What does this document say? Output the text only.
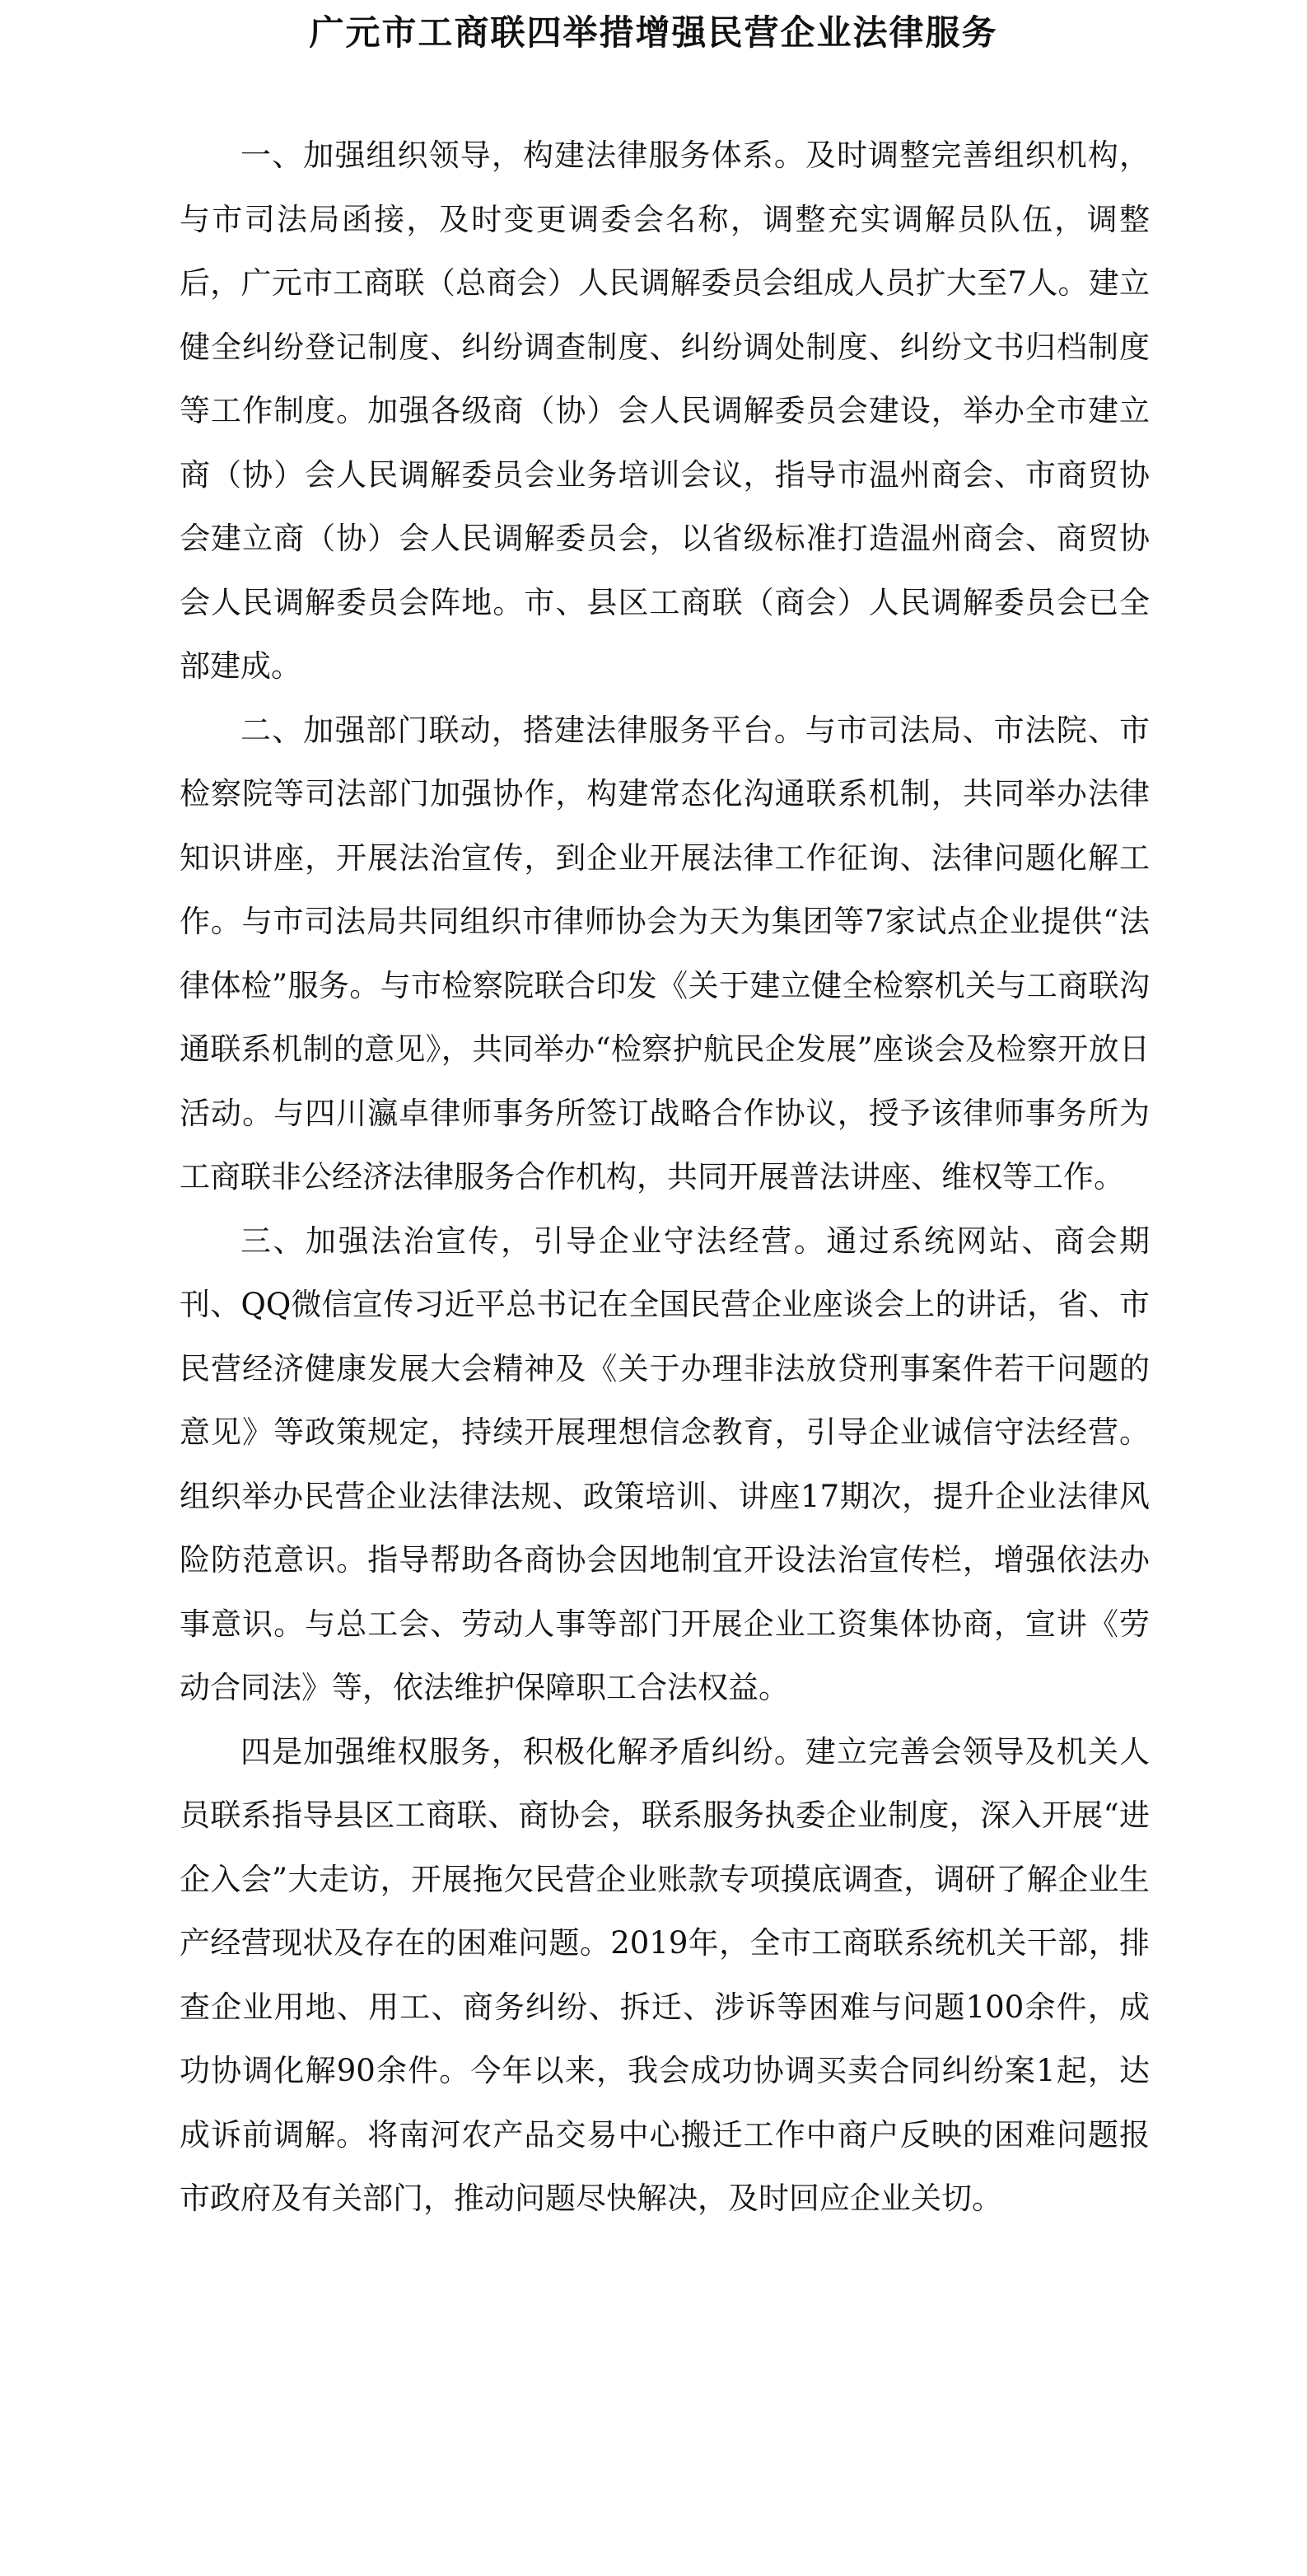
广元市工商联四举措增强民营企业法律服务

一、加强组织领导，构建法律服务体系。及时调整完善组织机构，与市司法局函接，及时变更调委会名称，调整充实调解员队伍，调整后，广元市工商联（总商会）人民调解委员会组成人员扩大至7人。建立健全纠纷登记制度、纠纷调查制度、纠纷调处制度、纠纷文书归档制度等工作制度。加强各级商（协）会人民调解委员会建设，举办全市建立商（协）会人民调解委员会业务培训会议，指导市温州商会、市商贸协会建立商（协）会人民调解委员会，以省级标准打造温州商会、商贸协会人民调解委员会阵地。市、县区工商联（商会）人民调解委员会已全部建成。

二、加强部门联动，搭建法律服务平台。与市司法局、市法院、市检察院等司法部门加强协作，构建常态化沟通联系机制，共同举办法律知识讲座，开展法治宣传，到企业开展法律工作征询、法律问题化解工作。与市司法局共同组织市律师协会为天为集团等7家试点企业提供“法律体检”服务。与市检察院联合印发《关于建立健全检察机关与工商联沟通联系机制的意见》，共同举办“检察护航民企发展”座谈会及检察开放日活动。与四川瀛卓律师事务所签订战略合作协议，授予该律师事务所为工商联非公经济法律服务合作机构，共同开展普法讲座、维权等工作。

三、加强法治宣传，引导企业守法经营。通过系统网站、商会期刊、QQ微信宣传习近平总书记在全国民营企业座谈会上的讲话，省、市民营经济健康发展大会精神及《关于办理非法放贷刑事案件若干问题的意见》等政策规定，持续开展理想信念教育，引导企业诚信守法经营。组织举办民营企业法律法规、政策培训、讲座17期次，提升企业法律风险防范意识。指导帮助各商协会因地制宜开设法治宣传栏，增强依法办事意识。与总工会、劳动人事等部门开展企业工资集体协商，宣讲《劳动合同法》等，依法维护保障职工合法权益。

四是加强维权服务，积极化解矛盾纠纷。建立完善会领导及机关人员联系指导县区工商联、商协会，联系服务执委企业制度，深入开展“进企入会”大走访，开展拖欠民营企业账款专项摸底调查，调研了解企业生产经营现状及存在的困难问题。2019年，全市工商联系统机关干部，排查企业用地、用工、商务纠纷、拆迁、涉诉等困难与问题100余件，成功协调化解90余件。今年以来，我会成功协调买卖合同纠纷案1起，达成诉前调解。将南河农产品交易中心搬迁工作中商户反映的困难问题报市政府及有关部门，推动问题尽快解决，及时回应企业关切。
